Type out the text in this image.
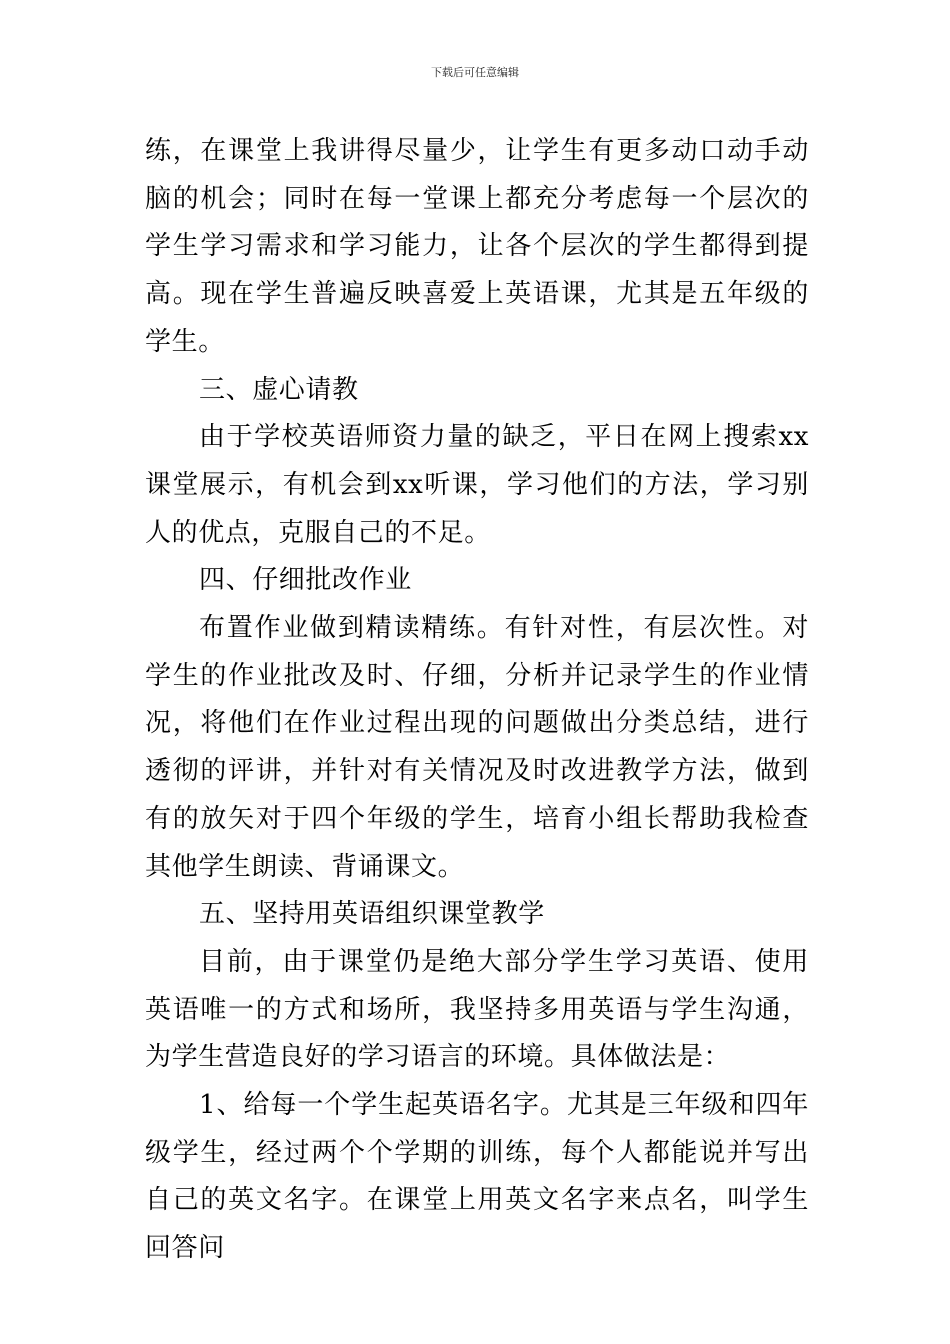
下载后可任意编辑

练，在课堂上我讲得尽量少，让学生有更多动口动手动脑的机会；同时在每一堂课上都充分考虑每一个层次的学生学习需求和学习能力，让各个层次的学生都得到提高。现在学生普遍反映喜爱上英语课，尤其是五年级的学生。

三、虚心请教

由于学校英语师资力量的缺乏，平日在网上搜索xx课堂展示，有机会到xx听课，学习他们的方法，学习别人的优点，克服自己的不足。

四、仔细批改作业

布置作业做到精读精练。有针对性，有层次性。对学生的作业批改及时、仔细，分析并记录学生的作业情况，将他们在作业过程出现的问题做出分类总结，进行透彻的评讲，并针对有关情况及时改进教学方法，做到有的放矢对于四个年级的学生，培育小组长帮助我检查其他学生朗读、背诵课文。

五、坚持用英语组织课堂教学

目前，由于课堂仍是绝大部分学生学习英语、使用英语唯一的方式和场所，我坚持多用英语与学生沟通，为学生营造良好的学习语言的环境。具体做法是：

1、给每一个学生起英语名字。尤其是三年级和四年级学生，经过两个个学期的训练，每个人都能说并写出自己的英文名字。在课堂上用英文名字来点名，叫学生回答问
